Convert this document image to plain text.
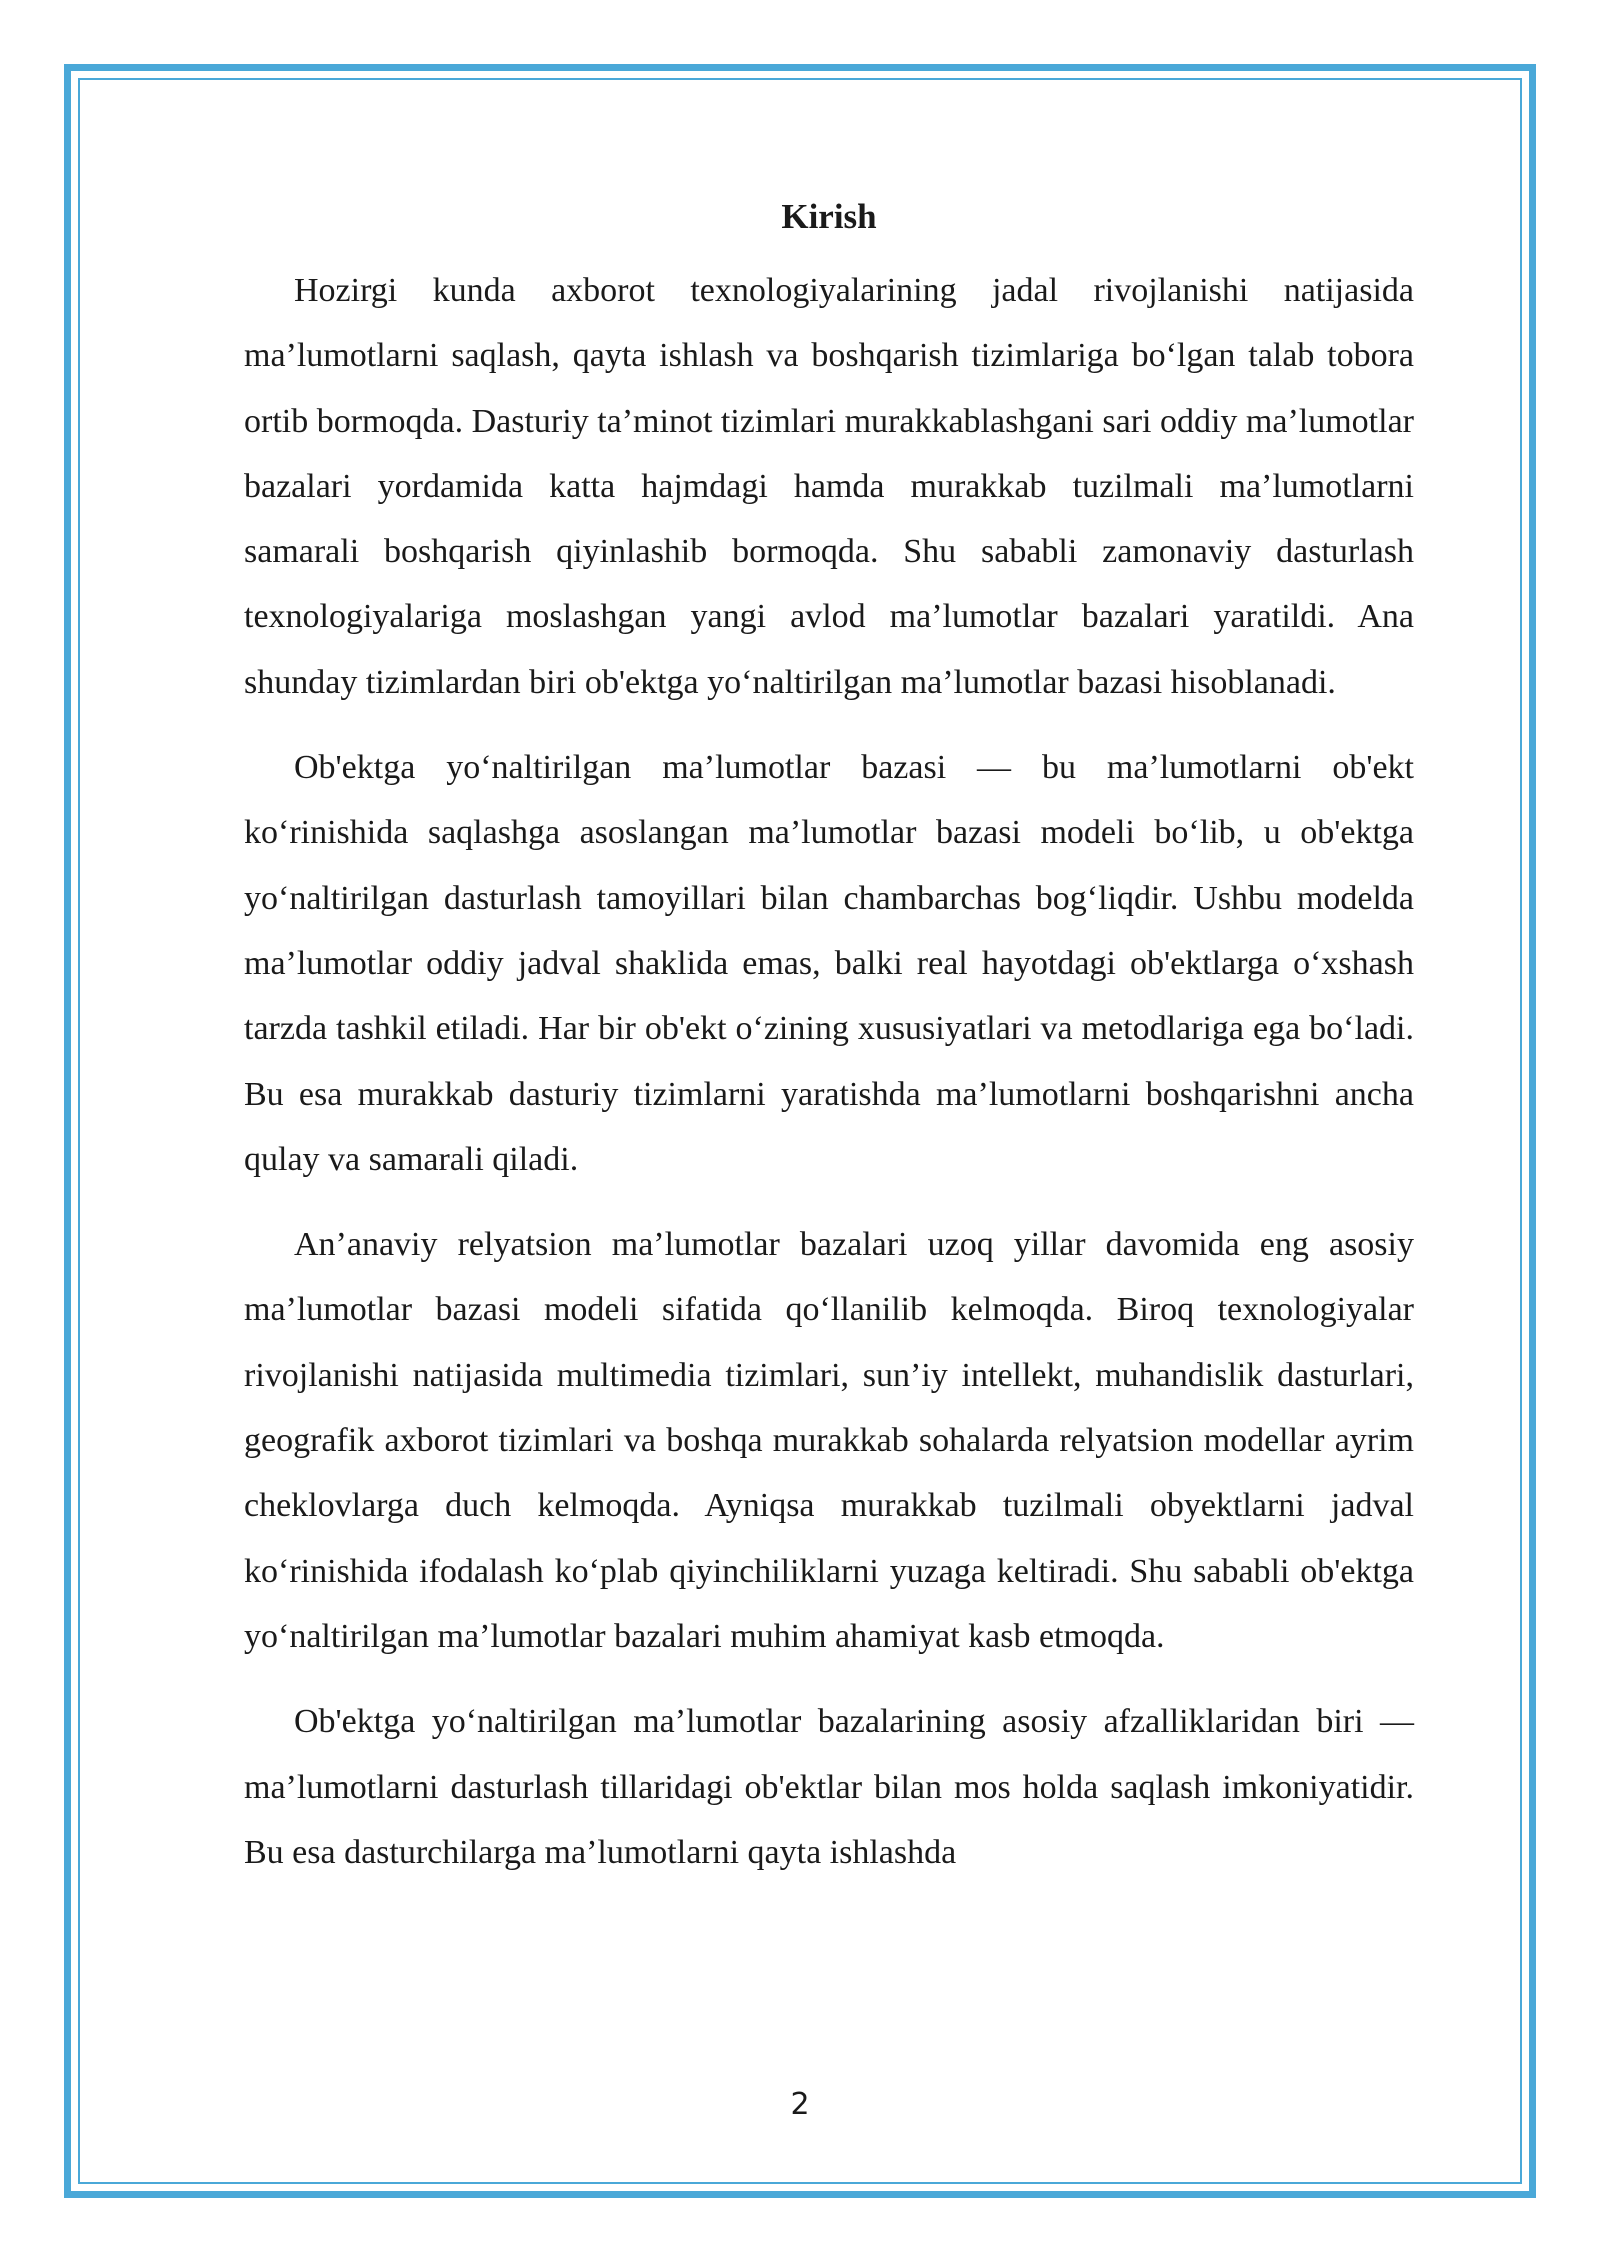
Kirish

Hozirgi kunda axborot texnologiyalarining jadal rivojlanishi natijasida ma’lumotlarni saqlash, qayta ishlash va boshqarish tizimlariga bo‘lgan talab tobora ortib bormoqda. Dasturiy ta’minot tizimlari murakkablashgani sari oddiy ma’lumotlar bazalari yordamida katta hajmdagi hamda murakkab tuzilmali ma’lumotlarni samarali boshqarish qiyinlashib bormoqda. Shu sababli zamonaviy dasturlash texnologiyalariga moslashgan yangi avlod ma’lumotlar bazalari yaratildi. Ana shunday tizimlardan biri ob'ektga yo‘naltirilgan ma’lumotlar bazasi hisoblanadi.

Ob'ektga yo‘naltirilgan ma’lumotlar bazasi — bu ma’lumotlarni ob'ekt ko‘rinishida saqlashga asoslangan ma’lumotlar bazasi modeli bo‘lib, u ob'ektga yo‘naltirilgan dasturlash tamoyillari bilan chambarchas bog‘liqdir. Ushbu modelda ma’lumotlar oddiy jadval shaklida emas, balki real hayotdagi ob'ektlarga o‘xshash tarzda tashkil etiladi. Har bir ob'ekt o‘zining xususiyatlari va metodlariga ega bo‘ladi. Bu esa murakkab dasturiy tizimlarni yaratishda ma’lumotlarni boshqarishni ancha qulay va samarali qiladi.

An’anaviy relyatsion ma’lumotlar bazalari uzoq yillar davomida eng asosiy ma’lumotlar bazasi modeli sifatida qo‘llanilib kelmoqda. Biroq texnologiyalar rivojlanishi natijasida multimedia tizimlari, sun’iy intellekt, muhandislik dasturlari, geografik axborot tizimlari va boshqa murakkab sohalarda relyatsion modellar ayrim cheklovlarga duch kelmoqda. Ayniqsa murakkab tuzilmali obyektlarni jadval ko‘rinishida ifodalash ko‘plab qiyinchiliklarni yuzaga keltiradi. Shu sababli ob'ektga yo‘naltirilgan ma’lumotlar bazalari muhim ahamiyat kasb etmoqda.

Ob'ektga yo‘naltirilgan ma’lumotlar bazalarining asosiy afzalliklaridan biri — ma’lumotlarni dasturlash tillaridagi ob'ektlar bilan mos holda saqlash imkoniyatidir. Bu esa dasturchilarga ma’lumotlarni qayta ishlashda

2
